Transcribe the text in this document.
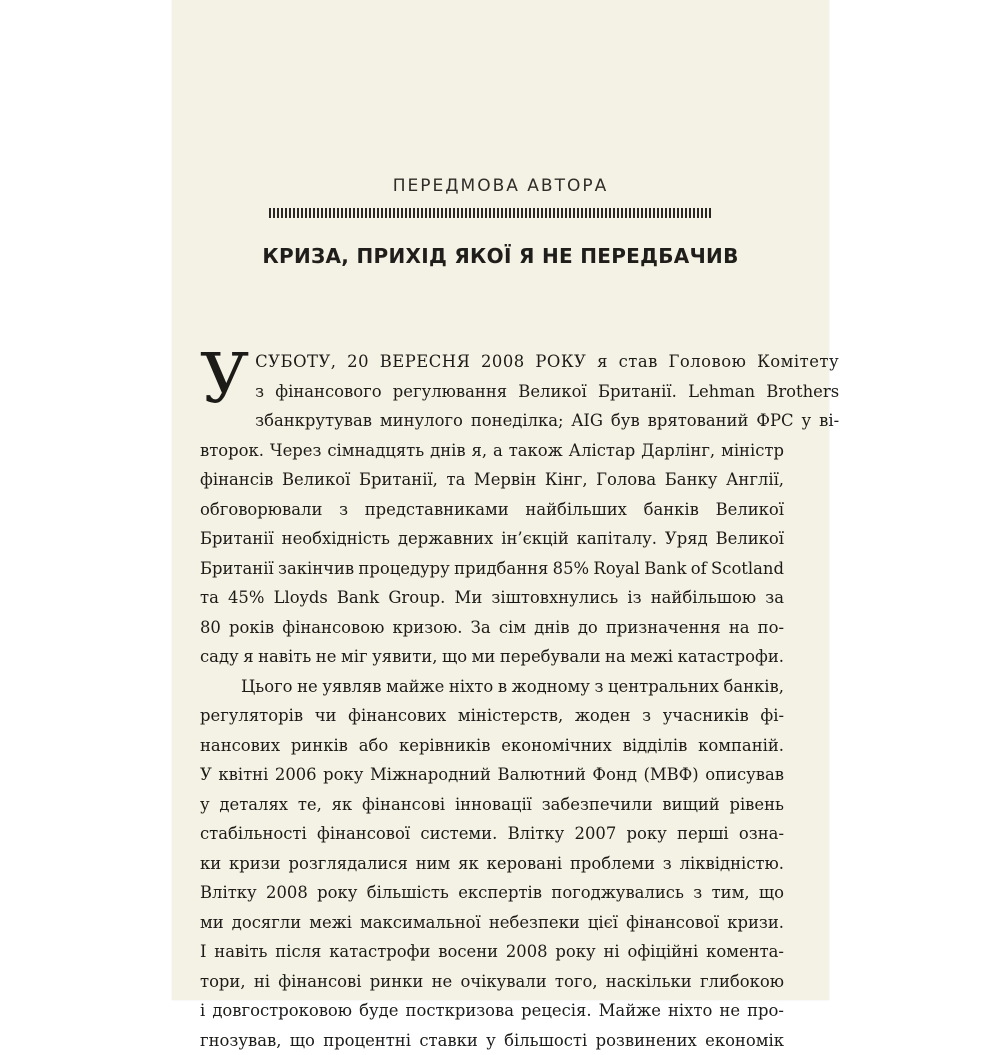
ПЕРЕДМОВА АВТОРА
КРИЗА, ПРИХІД ЯКОЇ Я НЕ ПЕРЕДБАЧИВ
У СУБОТУ, 20 ВЕРЕСНЯ 2008 РОКУ я став Головою Комітету
з фінансового регулювання Великої Британії. Lehman Brothers
збанкрутував минулого понеділка; AIG був врятований ФРС у ві-
второк. Через сімнадцять днів я, а також Алістар Дарлінг, міністр
фінансів Великої Британії, та Мервін Кінг, Голова Банку Англії,
обговорювали з представниками найбільших банків Великої
Британії необхідність державних ін’єкцій капіталу. Уряд Великої
Британії закінчив процедуру придбання 85% Royal Bank of Scotland
та 45% Lloyds Bank Group. Ми зіштовхнулись із найбільшою за
80 років фінансовою кризою. За сім днів до призначення на по-
саду я навіть не міг уявити, що ми перебували на межі катастрофи.
Цього не уявляв майже ніхто в жодному з центральних банків,
регуляторів чи фінансових міністерств, жоден з учасників фі-
нансових ринків або керівників економічних відділів компаній.
У квітні 2006 року Міжнародний Валютний Фонд (МВФ) описував
у деталях те, як фінансові інновації забезпечили вищий рівень
стабільності фінансової системи. Влітку 2007 року перші озна-
ки кризи розглядалися ним як керовані проблеми з ліквідністю.
Влітку 2008 року більшість експертів погоджувались з тим, що
ми досягли межі максимальної небезпеки цієї фінансової кризи.
І навіть після катастрофи восени 2008 року ні офіційні комента-
тори, ні фінансові ринки не очікували того, наскільки глибокою
і довгостроковою буде посткризова рецесія. Майже ніхто не про-
гнозував, що процентні ставки у більшості розвинених економік
